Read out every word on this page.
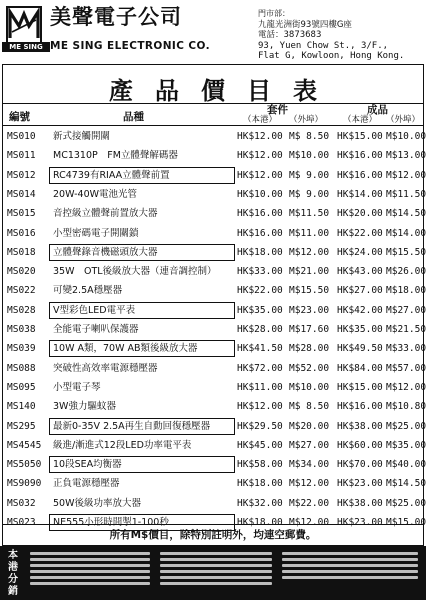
ME SING
美聲電子公司
ME SING ELECTRONIC CO.
門市部：
九龍光洲街93號四樓G座
電話：3873683
93, Yuen Chow St., 3/F.,
Flat G, Kowloon, Hong Kong.
產品價目表
編號	品種
套件	成品
（本港） （外埠） （本港） （外埠）
MS010 新式接觸開關	HK$12.00 M$ 8.50 HK$15.00 M$10.00
MS011 MC1310P　FM立體聲解碼器	HK$12.00 M$10.00 HK$16.00 M$13.00
MS012 RC4739有RIAA立體聲前置	HK$12.00 M$ 9.00 HK$16.00 M$12.00
MS014 20W-40W電池光管	HK$10.00 M$ 9.00 HK$14.00 M$11.50
MS015 音控級立體聲前置放大器	HK$16.00 M$11.50 HK$20.00 M$14.50
MS016 小型密碼電子開關鎖	HK$16.00 M$11.00 HK$22.00 M$14.00
MS018 立體聲錄音機磁頭放大器	HK$18.00 M$12.00 HK$24.00 M$15.50
MS020 35W　OTL後級放大器（連音調控制）	HK$33.00 M$21.00 HK$43.00 M$26.00
MS022 可變2.5A穩壓器	HK$22.00 M$15.50 HK$27.00 M$18.00
MS028 V型彩色LED電平表	HK$35.00 M$23.00 HK$42.00 M$27.00
MS038 全能電子喇叭保護器	HK$28.00 M$17.60 HK$35.00 M$21.50
MS039 10W A類，70W AB類後級放大器	HK$41.50 M$28.00 HK$49.50 M$33.00
MS088 突破性高效率電源穩壓器	HK$72.00 M$52.00 HK$84.00 M$57.00
MS095 小型電子琴	HK$11.00 M$10.00 HK$15.00 M$12.00
MS140 3W強力驅蚊器	HK$12.00 M$ 8.50 HK$16.00 M$10.80
MS295 最新0-35V 2.5A再生自動回復穩壓器	HK$29.50 M$20.00 HK$38.00 M$25.00
MS4545 級進/漸進式12段LED功率電平表	HK$45.00 M$27.00 HK$60.00 M$35.00
MS5050 10段SEA均衡器	HK$58.00 M$34.00 HK$70.00 M$40.00
MS9090 正負電源穩壓器	HK$18.00 M$12.00 HK$23.00 M$14.50
MS032 50W後級功率放大器	HK$32.00 M$22.00 HK$38.00 M$25.00
MS023 NE555小形時間掣1-100秒	HK$18.00 M$12.00 HK$23.00 M$15.00
所有M$價目，除特別註明外，均連空郵費。
本港分銷
